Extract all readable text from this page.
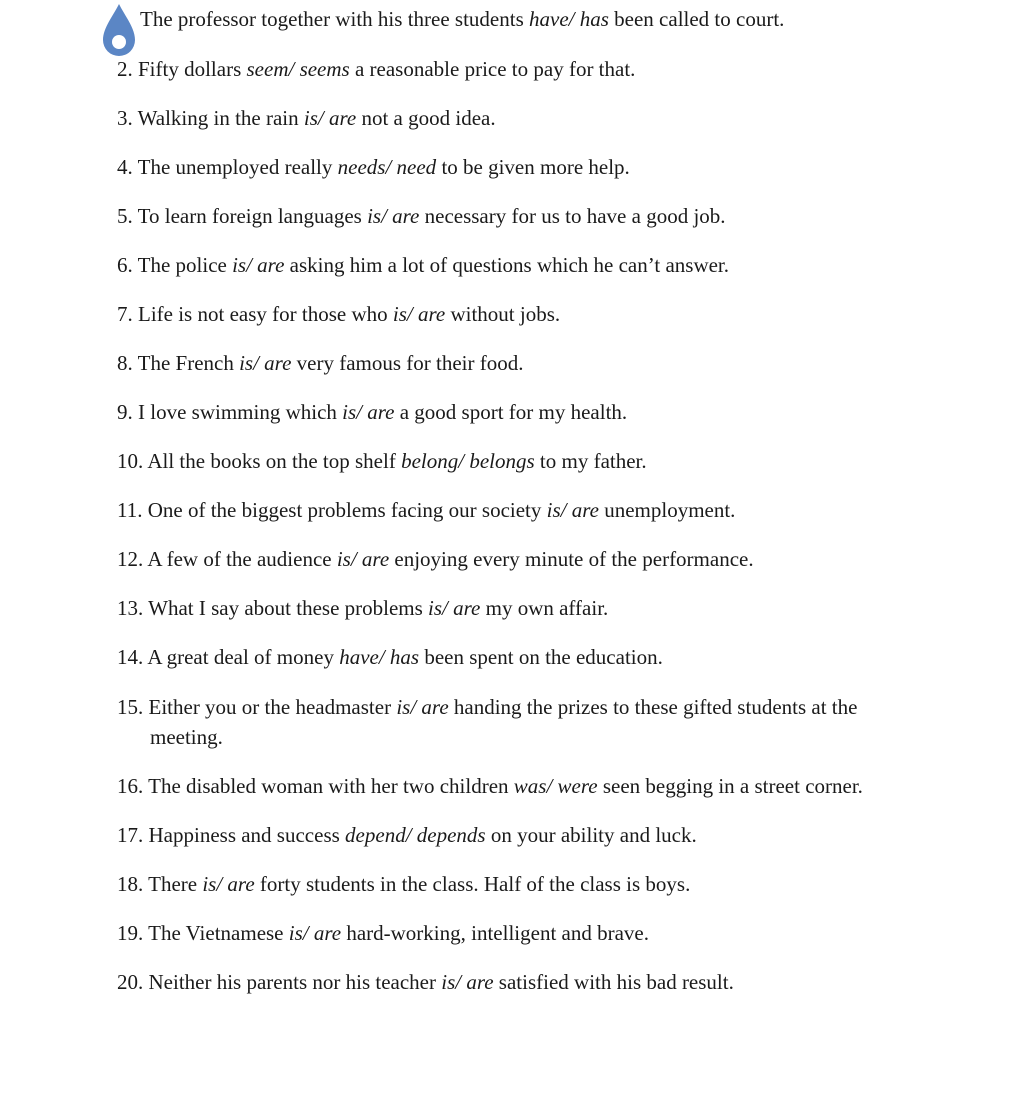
The professor together with his three students have/ has been called to court.
2. Fifty dollars seem/ seems a reasonable price to pay for that.
3. Walking in the rain is/ are not a good idea.
4. The unemployed really needs/ need to be given more help.
5. To learn foreign languages is/ are necessary for us to have a good job.
6. The police is/ are asking him a lot of questions which he can’t answer.
7. Life is not easy for those who is/ are without jobs.
8. The French is/ are very famous for their food.
9. I love swimming which is/ are a good sport for my health.
10. All the books on the top shelf belong/ belongs to my father.
11. One of the biggest problems facing our society is/ are unemployment.
12. A few of the audience is/ are enjoying every minute of the performance.
13. What I say about these problems is/ are my own affair.
14. A great deal of money have/ has been spent on the education.
15. Either you or the headmaster is/ are handing the prizes to these gifted students at the
meeting.
16. The disabled woman with her two children was/ were seen begging in a street corner.
17. Happiness and success depend/ depends on your ability and luck.
18. There is/ are forty students in the class. Half of the class is boys.
19. The Vietnamese is/ are hard-working, intelligent and brave.
20. Neither his parents nor his teacher is/ are satisfied with his bad result.
